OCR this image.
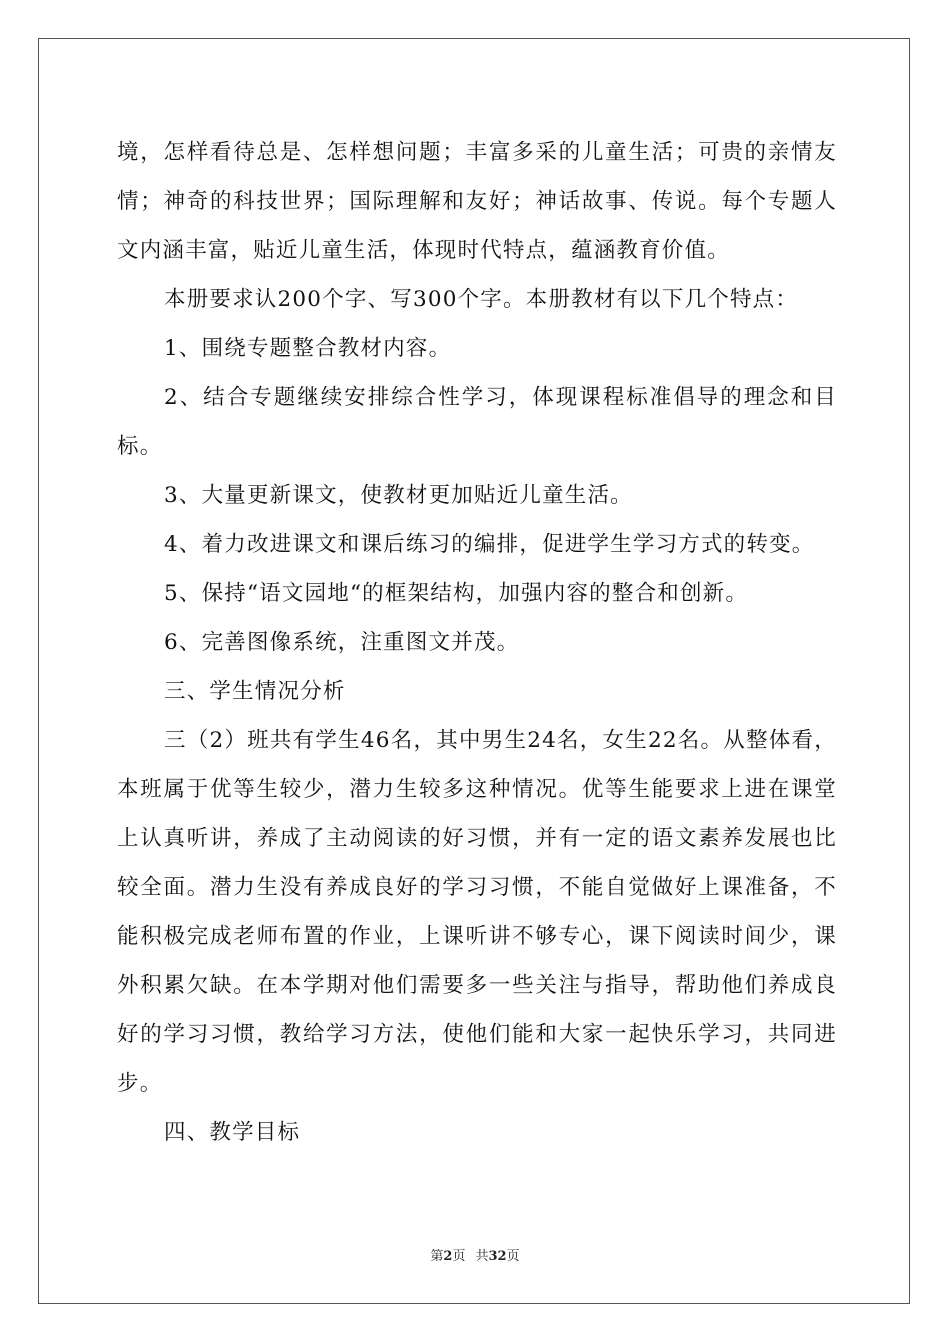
境，怎样看待总是、怎样想问题；丰富多采的儿童生活；可贵的亲情友情；神奇的科技世界；国际理解和友好；神话故事、传说。每个专题人文内涵丰富，贴近儿童生活，体现时代特点，蕴涵教育价值。

本册要求认200个字、写300个字。本册教材有以下几个特点：

1、围绕专题整合教材内容。

2、结合专题继续安排综合性学习，体现课程标准倡导的理念和目标。

3、大量更新课文，使教材更加贴近儿童生活。

4、着力改进课文和课后练习的编排，促进学生学习方式的转变。

5、保持“语文园地“的框架结构，加强内容的整合和创新。

6、完善图像系统，注重图文并茂。

三、学生情况分析

三（2）班共有学生46名，其中男生24名，女生22名。从整体看，本班属于优等生较少，潜力生较多这种情况。优等生能要求上进在课堂上认真听讲，养成了主动阅读的好习惯，并有一定的语文素养发展也比较全面。潜力生没有养成良好的学习习惯，不能自觉做好上课准备，不能积极完成老师布置的作业，上课听讲不够专心，课下阅读时间少，课外积累欠缺。在本学期对他们需要多一些关注与指导，帮助他们养成良好的学习习惯，教给学习方法，使他们能和大家一起快乐学习，共同进步。

四、教学目标

第2页 共32页
